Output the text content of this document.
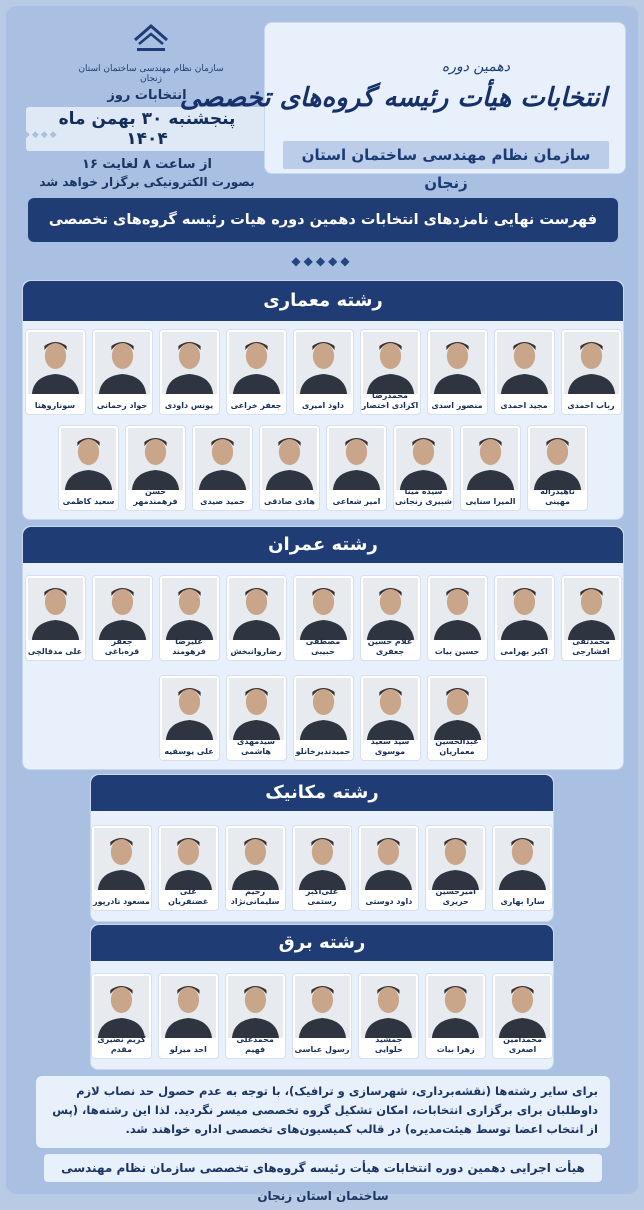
سازمان نظام مهندسی ساختمان استان زنجان
انتخابات روز
پنجشنبه ۳۰ بهمن ماه ۱۴۰۴
از ساعت ۸ لغایت ۱۶
بصورت الکترونیکی برگزار خواهد شد
◆◆◆◆◆
دهمین دوره
انتخابات هیأت رئیسه گروه‌های تخصصی
سازمان نظام مهندسی ساختمان استان زنجان
فهرست نهایی نامزدهای انتخابات دهمین دوره هیات رئیسه گروه‌های تخصصی
◆◆◆◆◆
رشته معماری
رباب احمدی
مجید احمدی
منصور اسدی
محمدرضا اکرادی اختصار
داود امیری
جعفر خزاعی
یونس داودی
جواد رحمانی
سوناروهنا
ناهیدزاله مهینی
المیرا سنایی
سیده مینا شبیری زنجانی
امیر شعاعی
هادی صادقی
حمید صیدی
حسن فرهمندمهر
سعید کاظمی
رشته عمران
محمدتقی افشارجی
اکبر بهرامی
حسین بیات
غلام حسین جعفری
مصطفی حبیبی
رضاروانبخش
علیرضا فرهومند
جعفر قره‌باغی
علی مدقالچی
عبدالحسین معماریان
سید سعید موسوی
حمیدندیرخانلو
سیدمهدی هاشمی
علی یوسفیه
رشته مکانیک
سارا بهاری
امیرحسین حریری
داود دوستی
علی‌اکبر رستمی
رحیم سلیمانی‌نژاد
علی غضنفریان
مسعود نادرپور
رشته برق
محمدامین اصغری
زهرا بیات
جمشید حلوایی
رسول عباسی
محمدعلی فهیم
احد میرلو
کریم نصیری مقدم
برای سایر رشته‌ها (نقشه‌برداری، شهرسازی و ترافیک)، با توجه به عدم حصول حد نصاب لازم داوطلبان برای برگزاری انتخابات، امکان تشکیل گروه تخصصی میسر نگردید. لذا این رشته‌ها، (پس از انتخاب اعضا توسط هیئت‌مدیره) در قالب کمیسیون‌های تخصصی اداره خواهند شد.
هیأت اجرایی دهمین دوره انتخابات هیأت رئیسه گروه‌های تخصصی سازمان نظام مهندسی ساختمان استان زنجان
